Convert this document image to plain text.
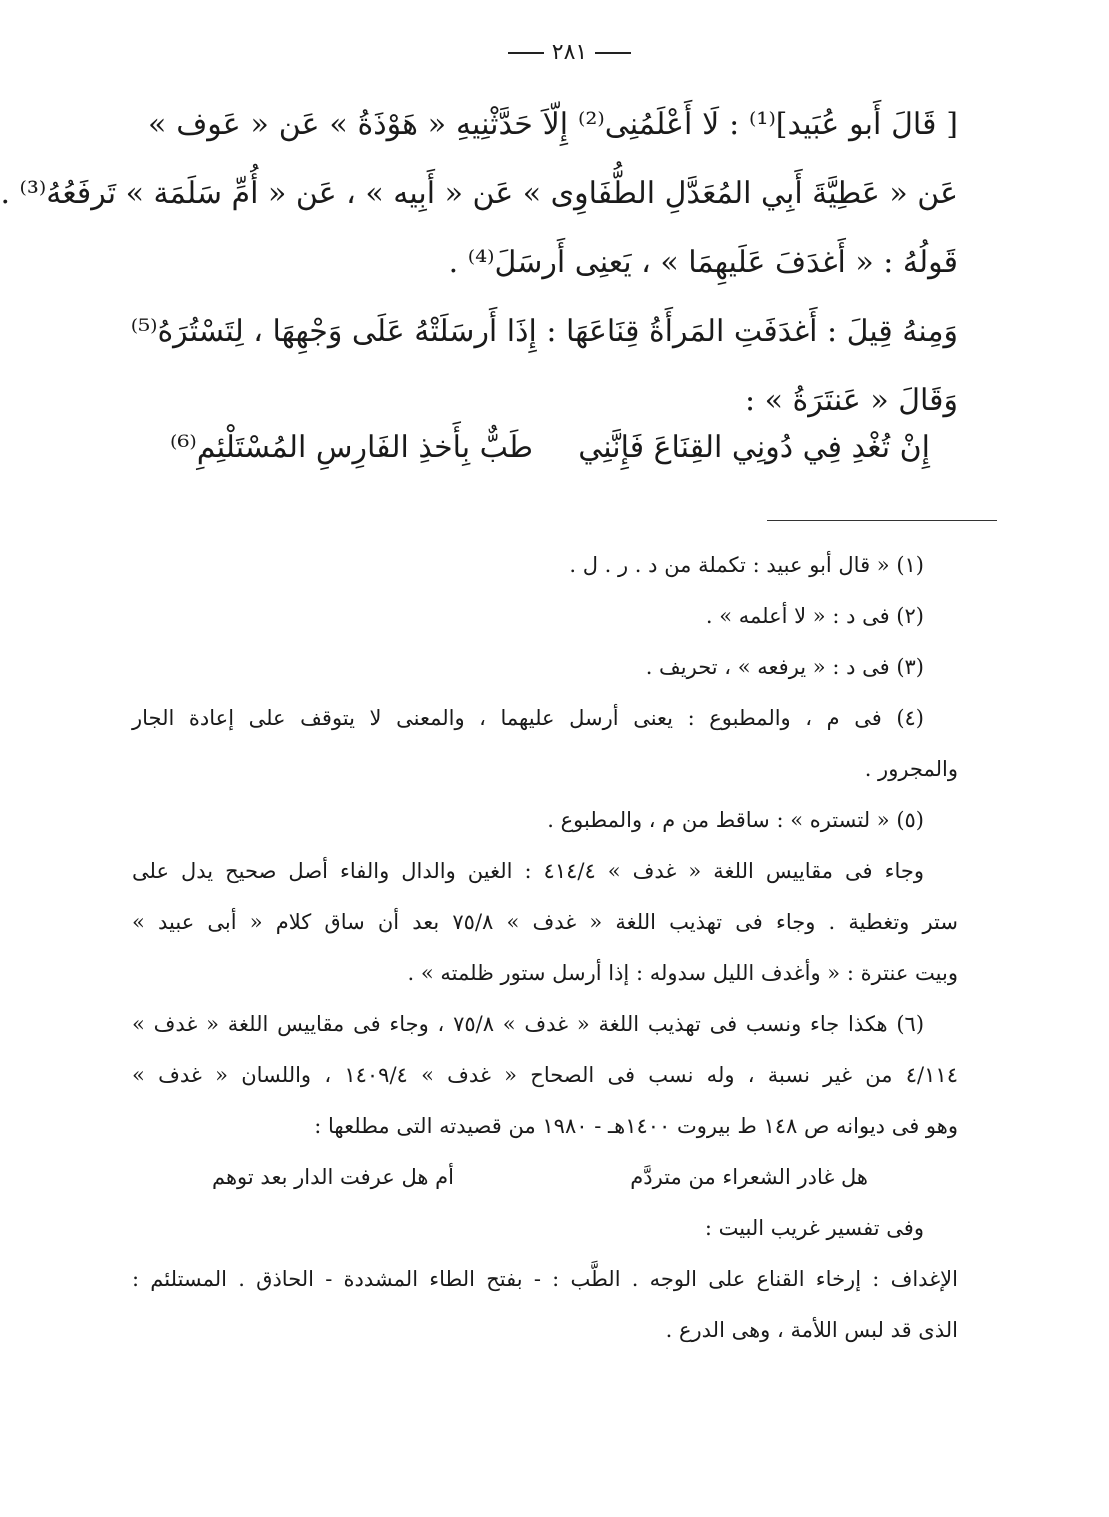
٢٨١
[ قَالَ أَبو عُبَيد]⁽¹⁾ : لَا أَعْلَمُنِى⁽²⁾ إِلّاَ حَدَّثْنِيهِ « هَوْذَةُ » عَن « عَوف »
عَن « عَطِيَّةَ أَبِي المُعَدَّلِ الطُّفَاوِى » عَن « أَبِيه » ، عَن « أُمِّ سَلَمَة » تَرفَعُهُ⁽³⁾ .
قَولُهُ : « أَغدَفَ عَلَيهِمَا » ، يَعنِى أَرسَلَ⁽⁴⁾ .
وَمِنهُ قِيلَ : أَغدَفَتِ المَرأَةُ قِنَاعَهَا : إِذَا أَرسَلَتْهُ عَلَى وَجْهِهَا ، لِتَسْتُرَهُ⁽⁵⁾
وَقَالَ « عَنتَرَةُ » :
إِنْ تُغْدِ فِي دُونِي القِنَاعَ فَإِنَّنِي
طَبٌّ بِأَخذِ الفَارِسِ المُسْتَلْئِمِ⁽⁶⁾
(١) « قال أبو عبيد : تكملة من د . ر . ل .
(٢) فى د : « لا أعلمه » .
(٣) فى د : « يرفعه » ، تحريف .
(٤) فى م ، والمطبوع : يعنى أرسل عليهما ، والمعنى لا يتوقف على إعادة الجار
والمجرور .
(٥) « لتستره » : ساقط من م ، والمطبوع .
وجاء فى مقاييس اللغة « غدف » ٤١٤/٤ : الغين والدال والفاء أصل صحيح يدل على
ستر وتغطية . وجاء فى تهذيب اللغة « غدف » ٧٥/٨ بعد أن ساق كلام « أبى عبيد »
وبيت عنترة : « وأغدف الليل سدوله : إذا أرسل ستور ظلمته » .
(٦) هكذا جاء ونسب فى تهذيب اللغة « غدف » ٧٥/٨ ، وجاء فى مقاييس اللغة « غدف »
٤/١١٤ من غير نسبة ، وله نسب فى الصحاح « غدف » ١٤٠٩/٤ ، واللسان « غدف »
وهو فى ديوانه ص ١٤٨ ط بيروت ١٤٠٠هـ - ١٩٨٠ من قصيدته التى مطلعها :
هل غادر الشعراء من متردَّم
أم هل عرفت الدار بعد توهم
وفى تفسير غريب البيت :
الإغداف : إرخاء القناع على الوجه . الطَّب : - بفتح الطاء المشددة - الحاذق . المستلئم :
الذى قد لبس اللأمة ، وهى الدرع .
